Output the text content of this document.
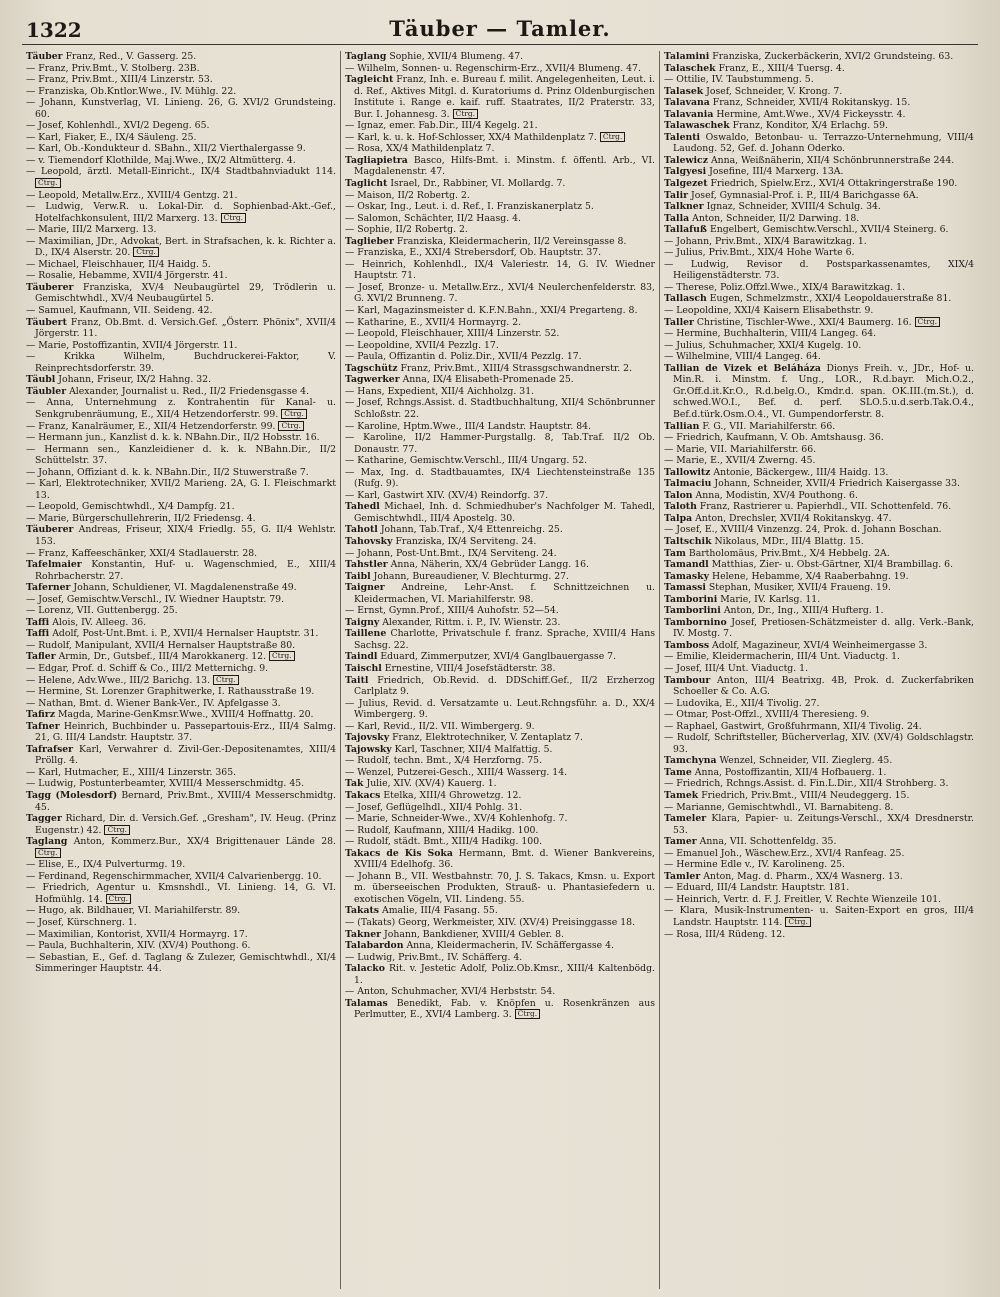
1322	Täuber — Tamler.

Täuber Franz, Red., V. Gasserg. 25.

— Franz, Priv.Bmt., V. Stolberg. 23B.

— Franz, Priv.Bmt., XIII/4 Linzerstr. 53.

— Franziska, Ob.Kntlor.Wwe., IV. Mühlg. 22.

— Johann, Kunstverlag, VI. Linieng. 26, G. XVI/2 Grundsteing. 60.

— Josef, Kohlenhdl., XVI/2 Degeng. 65.

— Karl, Fiaker, E., IX/4 Säuleng. 25.

— Karl, Ob.-Kondukteur d. SBahn., XII/2 Vierthalergasse 9.

— v. Tiemendorf Klothilde, Maj.Wwe., IX/2 Altmütterg. 4.

— Leopold, ärztl. Metall-Einricht., IX/4 Stadtbahnviadukt 114. Ctrg.

— Leopold, Metallw.Erz., XVIII/4 Gentzg. 21.

— Ludwig, Verw.R. u. Lokal-Dir. d. Sophienbad-Akt.-Gef., Hotelfachkonsulent, III/2 Marxerg. 13. Ctrg.

— Marie, III/2 Marxerg. 13.

— Maximilian, JDr., Advokat, Bert. in Strafsachen, k. k. Richter a. D., IX/4 Alserstr. 20. Ctrg.

— Michael, Fleischhauer, II/4 Haidg. 5.

— Rosalie, Hebamme, XVII/4 Jörgerstr. 41.

Täuberer Franziska, XV/4 Neubaugürtel 29, Trödlerin u. Gemischtwhdl., XV/4 Neubaugürtel 5.

— Samuel, Kaufmann, VII. Seideng. 42.

Täubert Franz, Ob.Bmt. d. Versich.Gef. „Österr. Phönix", XVII/4 Jörgerstr. 11.

— Marie, Postoffizantin, XVII/4 Jörgerstr. 11.

— Krikka Wilhelm, Buchdruckerei-Faktor, V. Reinprechtsdorferstr. 39.

Täubl Johann, Friseur, IX/2 Hahng. 32.

Täubler Alexander, Journalist u. Red., II/2 Friedensgasse 4.

— Anna, Unternehmung z. Kontrahentin für Kanal- u. Senkgrubenräumung, E., XII/4 Hetzendorferstr. 99. Ctrg.

— Franz, Kanalräumer, E., XII/4 Hetzendorferstr. 99. Ctrg.

— Hermann jun., Kanzlist d. k. k. NBahn.Dir., II/2 Hobsstr. 16.

— Hermann sen., Kanzleidiener d. k. k. NBahn.Dir., II/2 Schüttelstr. 37.

— Johann, Offiziant d. k. k. NBahn.Dir., II/2 Stuwerstraße 7.

— Karl, Elektrotechniker, XVII/2 Marieng. 2A, G. I. Fleischmarkt 13.

— Leopold, Gemischtwhdl., X/4 Dampfg. 21.

— Marie, Bürgerschullehrerin, II/2 Friedensg. 4.

Täuberer Andreas, Friseur, XIX/4 Friedlg. 55, G. II/4 Wehlstr. 153.

— Franz, Kaffeeschänker, XXI/4 Stadlauerstr. 28.

Tafelmaier Konstantin, Huf- u. Wagenschmied, E., XIII/4 Rohrbacherstr. 27.

Taferner Johann, Schuldiener, VI. Magdalenenstraße 49.

— Josef, Gemischtw.Verschl., IV. Wiedner Hauptstr. 79.

— Lorenz, VII. Guttenbergg. 25.

Taffi Alois, IV. Alleeg. 36.

Taffi Adolf, Post-Unt.Bmt. i. P., XVII/4 Hernalser Hauptstr. 31.

— Rudolf, Manipulant, XVII/4 Hernalser Hauptstraße 80.

Tafler Armin, Dr., Gutsbef., III/4 Marokkanerg. 12. Ctrg.

— Edgar, Prof. d. Schiff & Co., III/2 Metternichg. 9.

— Helene, Adv.Wwe., III/2 Barichg. 13. Ctrg.

— Hermine, St. Lorenzer Graphitwerke, I. Rathausstraße 19.

— Nathan, Bmt. d. Wiener Bank-Ver., IV. Apfelgasse 3.

Tafirz Magda, Marine-GenKmsr.Wwe., XVIII/4 Hoffnattg. 20.

Tafner Heinrich, Buchbinder u. Passepartouis-Erz., III/4 Salmg. 21, G. III/4 Landstr. Hauptstr. 37.

Tafrafser Karl, Verwahrer d. Zivil-Ger.-Depositenamtes, XIII/4 Pröllg. 4.

— Karl, Hutmacher, E., XIII/4 Linzerstr. 365.

— Ludwig, Postunterbeamter, XVIII/4 Messerschmidtg. 45.

Tagg (Molesdorf) Bernard, Priv.Bmt., XVIII/4 Messerschmidtg. 45.

Tagger Richard, Dir. d. Versich.Gef. „Gresham", IV. Heug. (Prinz Eugenstr.) 42. Ctrg.

Taglang Anton, Kommerz.Bur., XX/4 Brigittenauer Lände 28. Ctrg.

— Elise, E., IX/4 Pulverturmg. 19.

— Ferdinand, Regenschirmmacher, XVII/4 Calvarienbergg. 10.

— Friedrich, Agentur u. Kmsnshdl., VI. Linieng. 14, G. VI. Hofmühlg. 14. Ctrg.

— Hugo, ak. Bildhauer, VI. Mariahilferstr. 89.

— Josef, Kürschnerg. 1.

— Maximilian, Kontorist, XVII/4 Hormayrg. 17.

— Paula, Buchhalterin, XIV. (XV/4) Pouthong. 6.

— Sebastian, E., Gef. d. Taglang & Zulezer, Gemischtwhdl., XI/4 Simmeringer Hauptstr. 44.

Taglang Sophie, XVII/4 Blumeng. 47.

— Wilhelm, Sonnen- u. Regenschirm-Erz., XVII/4 Blumeng. 47.

Tagleicht Franz, Inh. e. Bureau f. milit. Angelegenheiten, Leut. i. d. Ref., Aktives Mitgl. d. Kuratoriums d. Prinz Oldenburgischen Institute i. Range e. kaif. ruff. Staatrates, II/2 Praterstr. 33, Bur. I. Johannesg. 3. Ctrg.

— Ignaz, emer. Fab.Dir., III/4 Kegelg. 21.

— Karl, k. u. k. Hof-Schlosser, XX/4 Mathildenplatz 7. Ctrg.

— Rosa, XX/4 Mathildenplatz 7.

Tagliapietra Basco, Hilfs-Bmt. i. Minstm. f. öffentl. Arb., VI. Magdalenenstr. 47.

Taglicht Israel, Dr., Rabbiner, VI. Mollardg. 7.

— Maison, II/2 Robertg. 2.

— Oskar, Ing., Leut. i. d. Ref., I. Franziskanerplatz 5.

— Salomon, Schächter, II/2 Haasg. 4.

— Sophie, II/2 Robertg. 2.

Taglieber Franziska, Kleidermacherin, II/2 Vereinsgasse 8.

— Franziska, E., XXI/4 Strebersdorf, Ob. Hauptstr. 37.

— Heinrich, Kohlenhdl., IX/4 Valeriestr. 14, G. IV. Wiedner Hauptstr. 71.

— Josef, Bronze- u. Metallw.Erz., XVI/4 Neulerchenfelderstr. 83, G. XVI/2 Brunneng. 7.

— Karl, Magazinsmeister d. K.F.N.Bahn., XXI/4 Pregarteng. 8.

— Katharine, E., XVII/4 Hormayrg. 2.

— Leopold, Fleischhauer, XIII/4 Linzerstr. 52.

— Leopoldine, XVII/4 Pezzlg. 17.

— Paula, Offizantin d. Poliz.Dir., XVII/4 Pezzlg. 17.

Tagschütz Franz, Priv.Bmt., XIII/4 Strassgschwandnerstr. 2.

Tagwerker Anna, IX/4 Elisabeth-Promenade 25.

— Hans, Expedient, XII/4 Aichholzg. 31.

— Josef, Rchngs.Assist. d. Stadtbuchhaltung, XII/4 Schönbrunner Schloßstr. 22.

— Karoline, Hptm.Wwe., III/4 Landstr. Hauptstr. 84.

— Karoline, II/2 Hammer-Purgstallg. 8, Tab.Traf. II/2 Ob. Donaustr. 77.

— Katharine, Gemischtw.Verschl., III/4 Ungarg. 52.

— Max, Ing. d. Stadtbauamtes, IX/4 Liechtensteinstraße 135 (Rufg. 9).

— Karl, Gastwirt XIV. (XV/4) Reindorfg. 37.

Tahedl Michael, Inh. d. Schmiedhuber's Nachfolger M. Tahedl, Gemischtwhdl., III/4 Apostelg. 30.

Tahotl Johann, Tab.Traf., X/4 Ettenreichg. 25.

Tahovsky Franziska, IX/4 Serviteng. 24.

— Johann, Post-Unt.Bmt., IX/4 Serviteng. 24.

Tahstler Anna, Näherin, XX/4 Gebrüder Langg. 16.

Taibl Johann, Bureaudiener, V. Blechturmg. 27.

Taigner Andreine, Lehr-Anst. f. Schnittzeichnen u. Kleidermachen, VI. Mariahilferstr. 98.

— Ernst, Gymn.Prof., XIII/4 Auhofstr. 52—54.

Taigny Alexander, Rittm. i. P., IV. Wienstr. 23.

Taillene Charlotte, Privatschule f. franz. Sprache, XVIII/4 Hans Sachsg. 22.

Taindl Eduard, Zimmerputzer, XVI/4 Ganglbauergasse 7.

Taischl Ernestine, VIII/4 Josefstädterstr. 38.

Taitl Friedrich, Ob.Revid. d. DDSchiff.Gef., II/2 Erzherzog Carlplatz 9.

— Julius, Revid. d. Versatzamte u. Leut.Rchngsführ. a. D., XX/4 Wimbergerg. 9.

— Karl, Revid., II/2. VII. Wimbergerg. 9.

Tajovsky Franz, Elektrotechniker, V. Zentaplatz 7.

Tajowsky Karl, Taschner, XII/4 Malfattig. 5.

— Rudolf, techn. Bmt., X/4 Herzforng. 75.

— Wenzel, Putzerei-Gesch., XIII/4 Wasserg. 14.

Tak Julie, XIV. (XV/4) Kauerg. 1.

Takacs Etelka, XIII/4 Ghrowetzg. 12.

— Josef, Geflügelhdl., XII/4 Pohlg. 31.

— Marie, Schneider-Wwe., XV/4 Kohlenhofg. 7.

— Rudolf, Kaufmann, XIII/4 Hadikg. 100.

— Rudolf, städt. Bmt., XIII/4 Hadikg. 100.

Takacs de Kis Soka Hermann, Bmt. d. Wiener Bankvereins, XVIII/4 Edelhofg. 36.

— Johann B., VII. Westbahnstr. 70, J. S. Takacs, Kmsn. u. Export m. überseeischen Produkten, Strauß- u. Phantasiefedern u. exotischen Vögeln, VII. Lindeng. 55.

Takats Amalie, III/4 Fasang. 55.

— (Takats) Georg, Werkmeister, XIV. (XV/4) Preisinggasse 18.

Takner Johann, Bankdiener, XVIII/4 Gebler. 8.

Talabardon Anna, Kleidermacherin, IV. Schäffergasse 4.

— Ludwig, Priv.Bmt., IV. Schäfferg. 4.

Talacko Rit. v. Jestetic Adolf, Poliz.Ob.Kmsr., XIII/4 Kaltenbödg. 1.

— Anton, Schuhmacher, XVI/4 Herbststr. 54.

Talamas Benedikt, Fab. v. Knöpfen u. Rosenkränzen aus Perlmutter, E., XVI/4 Lamberg. 3. Ctrg.

Talamini Franziska, Zuckerbäckerin, XVI/2 Grundsteing. 63.

Talaschek Franz, E., XIII/4 Tuersg. 4.

— Ottilie, IV. Taubstummeng. 5.

Talasek Josef, Schneider, V. Krong. 7.

Talavana Franz, Schneider, XVII/4 Rokitanskyg. 15.

Talavania Hermine, Amt.Wwe., XV/4 Fickeysstr. 4.

Talawaschek Franz, Konditor, X/4 Erlachg. 59.

Talenti Oswaldo, Betonbau- u. Terrazzo-Unternehmung, VIII/4 Laudong. 52, Gef. d. Johann Oderko.

Talewicz Anna, Weißnäherin, XII/4 Schönbrunnerstraße 244.

Talgyesi Josefine, III/4 Marxerg. 13A.

Talgezet Friedrich, Spielw.Erz., XVI/4 Ottakringerstraße 190.

Talir Josef, Gymnasial-Prof. i. P., III/4 Barichgasse 6A.

Talkner Ignaz, Schneider, XVIII/4 Schulg. 34.

Talla Anton, Schneider, II/2 Darwing. 18.

Tallafuß Engelbert, Gemischtw.Verschl., XVII/4 Steinerg. 6.

— Johann, Priv.Bmt., XIX/4 Barawitzkag. 1.

— Julius, Priv.Bmt., XIX/4 Hohe Warte 6.

— Ludwig, Revisor d. Postsparkassenamtes, XIX/4 Heiligenstädterstr. 73.

— Therese, Poliz.Offzl.Wwe., XIX/4 Barawitzkag. 1.

Tallasch Eugen, Schmelzmstr., XXI/4 Leopoldauerstraße 81.

— Leopoldine, XXI/4 Kaisern Elisabethstr. 9.

Taller Christine, Tischler-Wwe., XXI/4 Baumerg. 16. Ctrg.

— Hermine, Buchhalterin, VIII/4 Langeg. 64.

— Julius, Schuhmacher, XXI/4 Kugelg. 10.

— Wilhelmine, VIII/4 Langeg. 64.

Tallian de Vizek et Beláháza Dionys Freih. v., JDr., Hof- u. Min.R. i. Minstm. f. Ung., LOR., R.d.bayr. Mich.O.2., Gr.Off.d.it.Kr.O., R.d.belg.O., Kmdr.d. span. OK.III.(m.St.), d. schwed.WO.I., Bef. d. perf. SLO.5.u.d.serb.Tak.O.4., Bef.d.türk.Osm.O.4., VI. Gumpendorferstr. 8.

Tallian F. G., VII. Mariahilferstr. 66.

— Friedrich, Kaufmann, V. Ob. Amtshausg. 36.

— Marie, VII. Mariahilferstr. 66.

— Marie, E., XVII/4 Zwerng. 45.

Tallowitz Antonie, Bäckergew., III/4 Haidg. 13.

Talmaciu Johann, Schneider, XVII/4 Friedrich Kaisergasse 33.

Talon Anna, Modistin, XV/4 Pouthong. 6.

Taloth Franz, Rastrierer u. Papierhdl., VII. Schottenfeld. 76.

Talpa Anton, Drechsler, XVII/4 Rokitanskyg. 47.

— Josef, E., XVIII/4 Vinzenzg. 24, Prok. d. Johann Boschan.

Taltschik Nikolaus, MDr., III/4 Blattg. 15.

Tam Bartholomäus, Priv.Bmt., X/4 Hebbelg. 2A.

Tamandl Matthias, Zier- u. Obst-Gärtner, XI/4 Brambillag. 6.

Tamasky Helene, Hebamme, X/4 Raaberbahng. 19.

Tamassi Stephan, Musiker, XVII/4 Fraueng. 19.

Tamborini Marie, IV. Karlsg. 11.

Tamborlini Anton, Dr., Ing., XIII/4 Hufterg. 1.

Tambornino Josef, Pretiosen-Schätzmeister d. allg. Verk.-Bank, IV. Mostg. 7.

Tamboss Adolf, Magazineur, XVI/4 Weinheimergasse 3.

— Emilie, Kleidermacherin, III/4 Unt. Viaductg. 1.

— Josef, III/4 Unt. Viaductg. 1.

Tambour Anton, III/4 Beatrixg. 4B, Prok. d. Zuckerfabriken Schoeller & Co. A.G.

— Ludovika, E., XII/4 Tivolig. 27.

— Otmar, Post-Offzl., XVIII/4 Theresieng. 9.

— Raphael, Gastwirt, Großfuhrmann, XII/4 Tivolig. 24.

— Rudolf, Schriftsteller, Bücherverlag, XIV. (XV/4) Goldschlagstr. 93.

Tamchyna Wenzel, Schneider, VII. Zieglerg. 45.

Tame Anna, Postoffizantin, XII/4 Hofbauerg. 1.

— Friedrich, Rchngs.Assist. d. Fin.L.Dir., XII/4 Strohberg. 3.

Tamek Friedrich, Priv.Bmt., VIII/4 Neudeggerg. 15.

— Marianne, Gemischtwhdl., VI. Barnabiteng. 8.

Tameler Klara, Papier- u. Zeitungs-Verschl., XX/4 Dresdnerstr. 53.

Tamer Anna, VII. Schottenfeldg. 35.

— Emanuel Joh., Wäschew.Erz., XVI/4 Ranfeag. 25.

— Hermine Edle v., IV. Karolineng. 25.

Tamler Anton, Mag. d. Pharm., XX/4 Wasnerg. 13.

— Eduard, III/4 Landstr. Hauptstr. 181.

— Heinrich, Vertr. d. F. J. Freitler, V. Rechte Wienzeile 101.

— Klara, Musik-Instrumenten- u. Saiten-Export en gros, III/4 Landstr. Hauptstr. 114. Ctrg.

— Rosa, III/4 Rüdeng. 12.
